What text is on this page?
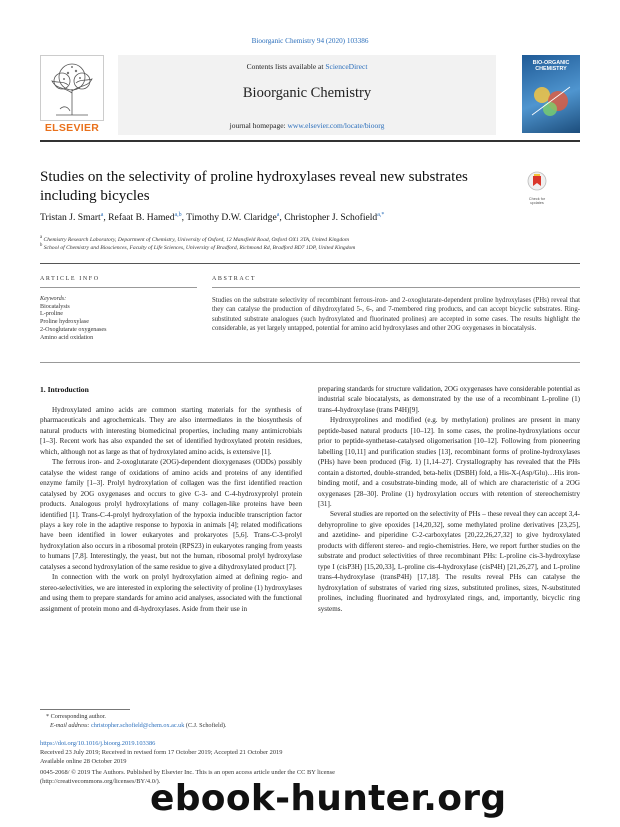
Bioorganic Chemistry 94 (2020) 103386
ELSEVIER
Contents lists available at ScienceDirect
Bioorganic Chemistry
journal homepage: www.elsevier.com/locate/bioorg
BIO-ORGANIC CHEMISTRY
Studies on the selectivity of proline hydroxylases reveal new substrates including bicycles	Check for updates
Tristan J. Smart$^a$, Refaat B. Hamed$^{a,b}$, Timothy D.W. Claridge$^a$, Christopher J. Schofield$^{a,*}$
$^a$ Chemistry Research Laboratory, Department of Chemistry, University of Oxford, 12 Mansfield Road, Oxford OX1 3TA, United Kingdom
$^b$ School of Chemistry and Biosciences, Faculty of Life Sciences, University of Bradford, Richmond Rd, Bradford BD7 1DP, United Kingdom
ARTICLE INFO	ABSTRACT
Keywords:
Biocatalysis
L-proline
Proline hydroxylase
2-Oxoglutarate oxygenases
Amino acid oxidation
Studies on the substrate selectivity of recombinant ferrous-iron- and 2-oxoglutarate-dependent proline hydroxylases (PHs) reveal that they can catalyse the production of dihydroxylated 5-, 6-, and 7-membered ring products, and can accept bicyclic substrates. Ring-substituted substrate analogues (such hydroxylated and fluorinated prolines) are accepted in some cases. The results highlight the considerable, as yet largely untapped, potential for amino acid hydroxylases and other 2OG oxygenases in biocatalysis.
1. Introduction

Hydroxylated amino acids are common starting materials for the synthesis of pharmaceuticals and agrochemicals. They are also intermediates in the biosynthesis of natural products with interesting biomedicinal properties, including many antimicrobials [1–3]. Recent work has also expanded the set of identified hydroxylated protein residues, which, although not as large as that of hydroxylated amino acids, is extensive [1].

The ferrous iron- and 2-oxoglutarate (2OG)-dependent dioxygenases (ODDs) possibly catalyse the widest range of oxidations of amino acids and proteins of any identified enzyme family [1–3]. Prolyl hydroxylation of collagen was the first identified reaction catalysed by 2OG oxygenases and occurs to give C-3- and C-4-hydroxyprolyl protein products. Analogous prolyl hydroxylations of many collagen-like proteins have been identified [1]. Trans-C-4-prolyl hydroxylation of the hypoxia inducible transcription factor plays a key role in the adaptive response to hypoxia in animals [4]; related modifications have been identified in lower eukaryotes and prokaryotes [5,6]. Trans-C-3-prolyl hydroxylation also occurs in a ribosomal protein (RPS23) in eukaryotes ranging from yeasts to humans [7,8]. Interestingly, the yeast, but not the human, ribosomal prolyl hydroxylase catalyses a second hydroxylation of the same residue to give a dihydroxylated product [7].

In connection with the work on prolyl hydroxylation aimed at defining regio- and stereo-selectivities, we are interested in exploring the selectivity of proline (1) hydroxylases and using them to prepare standards for amino acid analyses, associated with the functional assignment of protein mono and di-hydroxylases. Aside from their use in

preparing standards for structure validation, 2OG oxygenases have considerable potential as industrial scale biocatalysts, as demonstrated by the use of a recombinant L-proline (1) trans-4-hydroxylase (trans P4H)[9].

Hydroxyprolines and modified (e.g. by methylation) prolines are present in many peptide-based natural products [10–12]. In some cases, the proline-hydroxylations occur prior to peptide-synthetase-catalysed oligomerisation [10–12]. Following from pioneering labelling [10,11] and purification studies [13], recombinant forms of proline-hydroxylases (PHs) have been produced (Fig. 1) [1,14–27]. Crystallography has revealed that the PHs contain a distorted, double-stranded, beta-helix (DSBH) fold, a His-X-(Asp/Glu)…His iron-binding motif, and a cosubstrate-binding mode, all of which are characteristic of a 2OG oxygenases [28–30]. Proline (1) hydroxylation occurs with retention of stereochemistry [31].

Several studies are reported on the selectivity of PHs – these reveal they can accept 3,4-dehyroproline to give epoxides [14,20,32], some methylated proline derivatives [23,25], and azetidine- and piperidine C-2-carboxylates [20,22,26,27,32] to give hydroxylated products with different stereo- and regio-chemistries. Here, we report further studies on the substrate and product selectivities of three recombinant PHs: L-proline cis-3-hydroxylase type I (cisP3H) [15,20,33], L-proline cis-4-hydroxylase (cisP4H) [21,26,27], and L-proline trans-4-hydroxylase (transP4H) [17,18]. The results reveal PHs can catalyse the hydroxylation of substrates of varied ring sizes, substituted prolines, sizes, N-substituted prolines, including fluorinated and hydroxylated rings, and, importantly, bicyclic ring systems.

* Corresponding author.
E-mail address: christopher.schofield@chem.ox.ac.uk (C.J. Schofield).
https://doi.org/10.1016/j.bioorg.2019.103386
Received 23 July 2019; Received in revised form 17 October 2019; Accepted 21 October 2019
Available online 28 October 2019
0045-2068/ © 2019 The Authors. Published by Elsevier Inc. This is an open access article under the CC BY license
(http://creativecommons.org/licenses/BY/4.0/).
ebook-hunter.org
